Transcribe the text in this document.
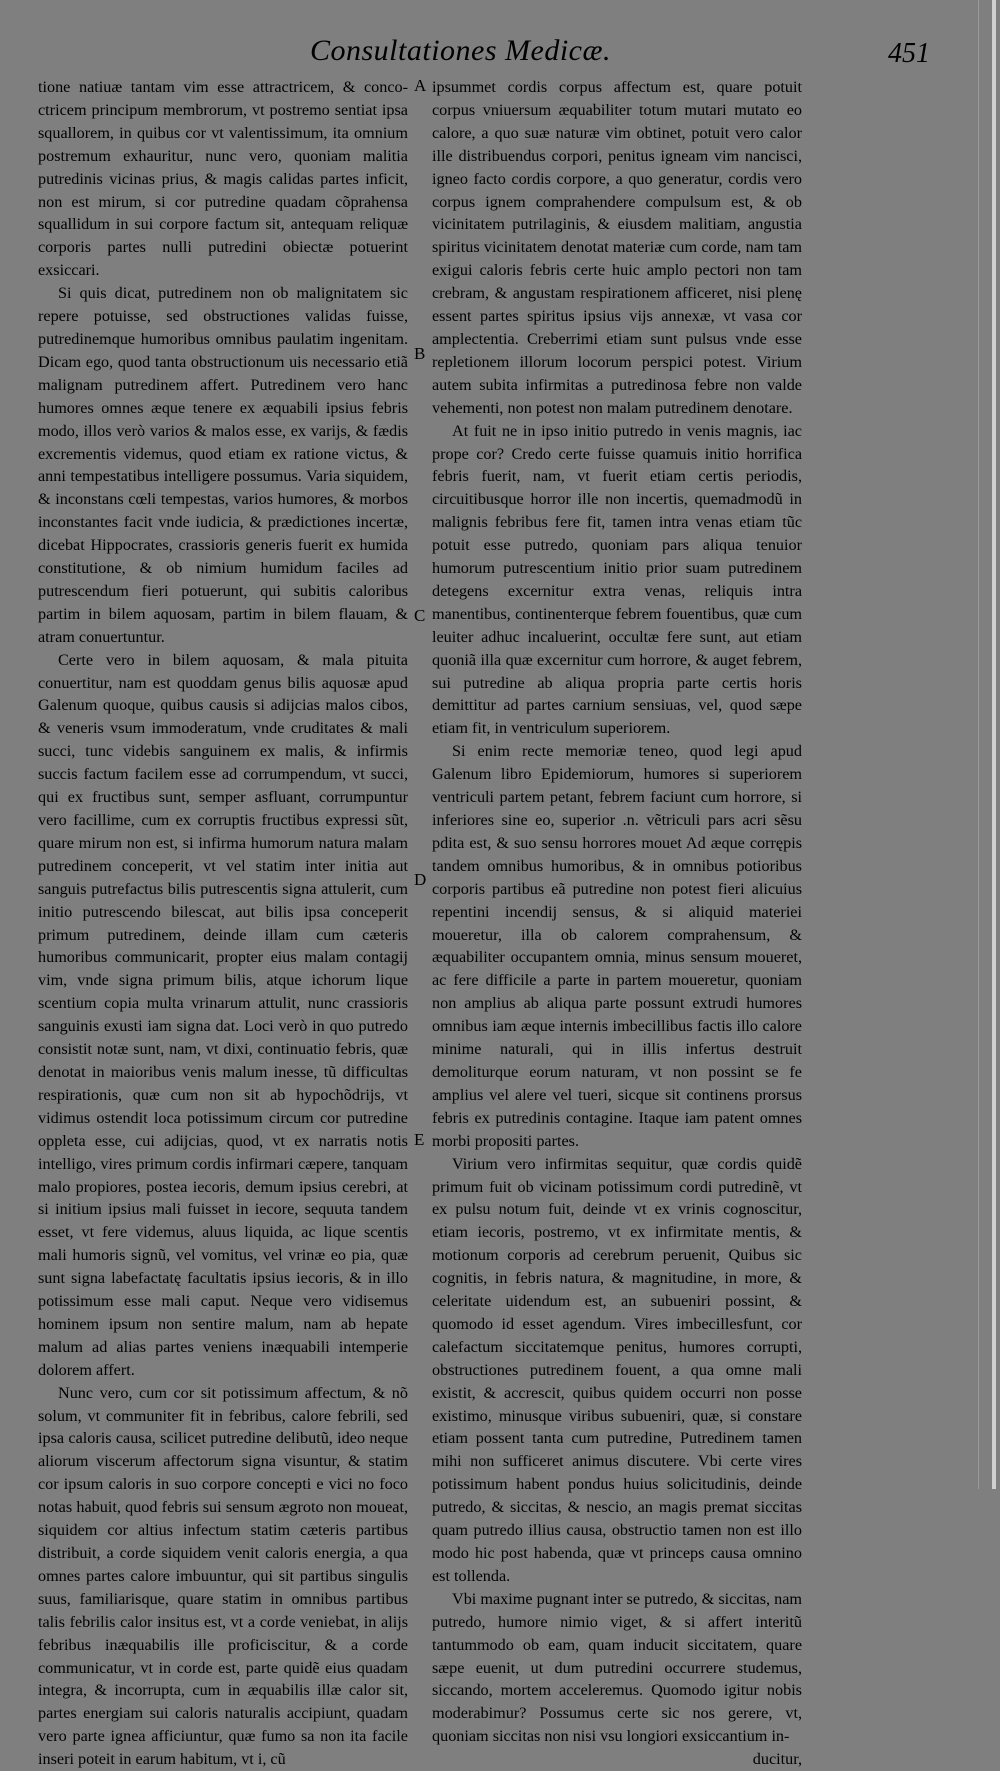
Consultationes Medicæ.	451

tione natiuæ tantam vim esse attractricem, & conco-ctricem principum membrorum, vt postremo sentiat ipsa squallorem, in quibus cor vt valentissimum, ita omnium postremum exhauritur, nunc vero, quoniam malitia putredinis vicinas prius, & magis calidas partes inficit, non est mirum, si cor putredine quadam cõprahensa squallidum in sui corpore factum sit, antequam reliquæ corporis partes nulli putredini obiectæ potuerint exsiccari.

Si quis dicat, putredinem non ob malignitatem sic repere potuisse, sed obstructiones validas fuisse, putredinemque humoribus omnibus paulatim ingenitam. Dicam ego, quod tanta obstructionum uis necessario etiã malignam putredinem affert. Putredinem vero hanc humores omnes æque tenere ex æquabili ipsius febris modo, illos verò varios & malos esse, ex varijs, & fædis excrementis videmus, quod etiam ex ratione victus, & anni tempestatibus intelligere possumus. Varia siquidem, & inconstans cœli tempestas, varios humores, & morbos inconstantes facit vnde iudicia, & prædictiones incertæ, dicebat Hippocrates, crassioris generis fuerit ex humida constitutione, & ob nimium humidum faciles ad putrescendum fieri potuerunt, qui subitis caloribus partim in bilem aquosam, partim in bilem flauam, & atram conuertuntur.

Certe vero in bilem aquosam, & mala pituita conuertitur, nam est quoddam genus bilis aquosæ apud Galenum quoque, quibus causis si adijcias malos cibos, & veneris vsum immoderatum, vnde cruditates & mali succi, tunc videbis sanguinem ex malis, & infirmis succis factum facilem esse ad corrumpendum, vt succi, qui ex fructibus sunt, semper asfluant, corrumpuntur vero facillime, cum ex corruptis fructibus expressi sũt, quare mirum non est, si infirma humorum natura malam putredinem conceperit, vt vel statim inter initia aut sanguis putrefactus bilis putrescentis signa attulerit, cum initio putrescendo bilescat, aut bilis ipsa conceperit primum putredinem, deinde illam cum cæteris humoribus communicarit, propter eius malam contagij vim, vnde signa primum bilis, atque ichorum lique scentium copia multa vrinarum attulit, nunc crassioris sanguinis exusti iam signa dat. Loci verò in quo putredo consistit notæ sunt, nam, vt dixi, continuatio febris, quæ denotat in maioribus venis malum inesse, tũ difficultas respirationis, quæ cum non sit ab hypochõdrijs, vt vidimus ostendit loca potissimum circum cor putredine oppleta esse, cui adijcias, quod, vt ex narratis notis intelligo, vires primum cordis infirmari cæpere, tanquam malo propiores, postea iecoris, demum ipsius cerebri, at si initium ipsius mali fuisset in iecore, sequuta tandem esset, vt fere videmus, aluus liquida, ac lique scentis mali humoris signũ, vel vomitus, vel vrinæ eo pia, quæ sunt signa labefactatę facultatis ipsius iecoris, & in illo potissimum esse mali caput. Neque vero vidisemus hominem ipsum non sentire malum, nam ab hepate malum ad alias partes veniens inæquabili intemperie dolorem affert.

Nunc vero, cum cor sit potissimum affectum, & nõ solum, vt communiter fit in febribus, calore febrili, sed ipsa caloris causa, scilicet putredine delibutũ, ideo neque aliorum viscerum affectorum signa visuntur, & statim cor ipsum caloris in suo corpore concepti e vici no foco notas habuit, quod febris sui sensum ægroto non moueat, siquidem cor altius infectum statim cæteris partibus distribuit, a corde siquidem venit caloris energia, a qua omnes partes calore imbuuntur, qui sit partibus singulis suus, familiarisque, quare statim in omnibus partibus talis febrilis calor insitus est, vt a corde veniebat, in alijs febribus inæquabilis ille proficiscitur, & a corde communicatur, vt in corde est, parte quidẽ eius quadam integra, & incorrupta, cum in æquabilis illæ calor sit, partes energiam sui caloris naturalis accipiunt, quadam vero parte ignea afficiuntur, quæ fumo sa non ita facile inseri poteit in earum habitum, vt i, cũ

A
B
C
D
E

ipsummet cordis corpus affectum est, quare potuit corpus vniuersum æquabiliter totum mutari mutato eo calore, a quo suæ naturæ vim obtinet, potuit vero calor ille distribuendus corpori, penitus igneam vim nancisci, igneo facto cordis corpore, a quo generatur, cordis vero corpus ignem comprahendere compulsum est, & ob vicinitatem putrilaginis, & eiusdem malitiam, angustia spiritus vicinitatem denotat materiæ cum corde, nam tam exigui caloris febris certe huic amplo pectori non tam crebram, & angustam respirationem afficeret, nisi plenę essent partes spiritus ipsius vijs annexæ, vt vasa cor amplectentia. Creberrimi etiam sunt pulsus vnde esse repletionem illorum locorum perspici potest. Virium autem subita infirmitas a putredinosa febre non valde vehementi, non potest non malam putredinem denotare.

At fuit ne in ipso initio putredo in venis magnis, iac prope cor? Credo certe fuisse quamuis initio horrifica febris fuerit, nam, vt fuerit etiam certis periodis, circuitibusque horror ille non incertis, quemadmodũ in malignis febribus fere fit, tamen intra venas etiam tũc potuit esse putredo, quoniam pars aliqua tenuior humorum putrescentium initio prior suam putredinem detegens excernitur extra venas, reliquis intra manentibus, continenterque febrem fouentibus, quæ cum leuiter adhuc incaluerint, occultæ fere sunt, aut etiam quoniã illa quæ excernitur cum horrore, & auget febrem, sui putredine ab aliqua propria parte certis horis demittitur ad partes carnium sensiuas, vel, quod sæpe etiam fit, in ventriculum superiorem.

Si enim recte memoriæ teneo, quod legi apud Galenum libro Epidemiorum, humores si superiorem ventriculi partem petant, febrem faciunt cum horrore, si inferiores sine eo, superior .n. vẽtriculi pars acri sẽsu pdita est, & suo sensu horrores mouet Ad æque corrępis tandem omnibus humoribus, & in omnibus potioribus corporis partibus eã putredine non potest fieri alicuius repentini incendij sensus, & si aliquid materiei moueretur, illa ob calorem comprahensum, & æquabiliter occupantem omnia, minus sensum moueret, ac fere difficile a parte in partem moueretur, quoniam non amplius ab aliqua parte possunt extrudi humores omnibus iam æque internis imbecillibus factis illo calore minime naturali, qui in illis infertus destruit demoliturque eorum naturam, vt non possint se fe amplius vel alere vel tueri, sicque sit continens prorsus febris ex putredinis contagine. Itaque iam patent omnes morbi propositi partes.

Virium vero infirmitas sequitur, quæ cordis quidẽ primum fuit ob vicinam potissimum cordi putredinẽ, vt ex pulsu notum fuit, deinde vt ex vrinis cognoscitur, etiam iecoris, postremo, vt ex infirmitate mentis, & motionum corporis ad cerebrum peruenit, Quibus sic cognitis, in febris natura, & magnitudine, in more, & celeritate uidendum est, an subueniri possint, & quomodo id esset agendum. Vires imbecillesfunt, cor calefactum siccitatemque penitus, humores corrupti, obstructiones putredinem fouent, a qua omne mali existit, & accrescit, quibus quidem occurri non posse existimo, minusque viribus subueniri, quæ, si constare etiam possent tanta cum putredine, Putredinem tamen mihi non sufficeret animus discutere. Vbi certe vires potissimum habent pondus huius solicitudinis, deinde putredo, & siccitas, & nescio, an magis premat siccitas quam putredo illius causa, obstructio tamen non est illo modo hic post habenda, quæ vt princeps causa omnino est tollenda.

Vbi maxime pugnant inter se putredo, & siccitas, nam putredo, humore nimio viget, & si affert interitũ tantummodo ob eam, quam inducit siccitatem, quare sæpe euenit, ut dum putredini occurrere studemus, siccando, mortem acceleremus. Quomodo igitur nobis moderabimur? Possumus certe sic nos gerere, vt, quoniam siccitas non nisi vsu longiori exsiccantium in-

ducitur,
